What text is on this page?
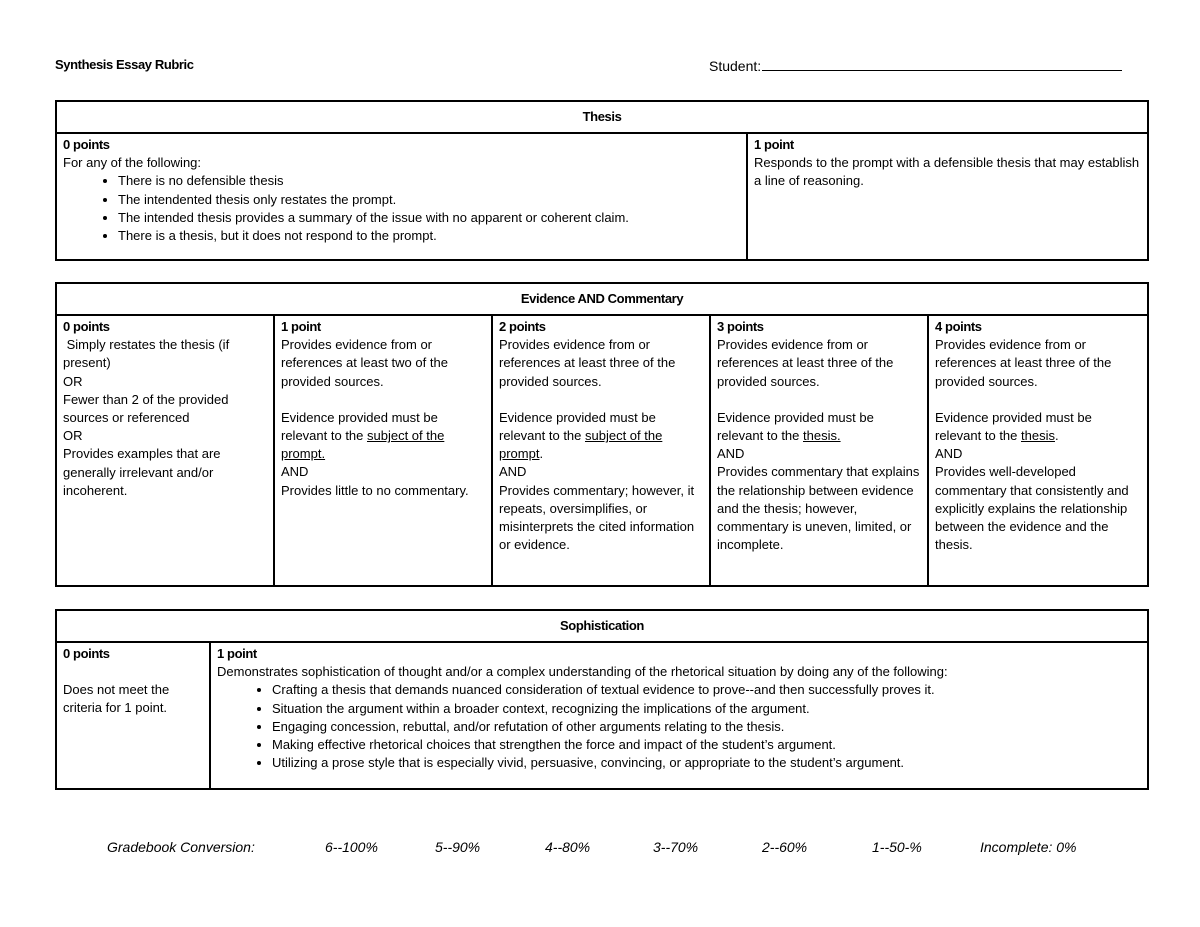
Synthesis Essay Rubric	Student:
Thesis

0 points
For any of the following:
• There is no defensible thesis
• The intendented thesis only restates the prompt.
• The intended thesis provides a summary of the issue with no apparent or coherent claim.
• There is a thesis, but it does not respond to the prompt.

1 point
Responds to the prompt with a defensible thesis that may establish a line of reasoning.
Evidence AND Commentary

0 points
Simply restates the thesis (if present)
OR
Fewer than 2 of the provided sources or referenced
OR
Provides examples that are generally irrelevant and/or incoherent.

1 point
Provides evidence from or references at least two of the provided sources.
Evidence provided must be relevant to the subject of the prompt.
AND
Provides little to no commentary.

2 points
Provides evidence from or references at least three of the provided sources.
Evidence provided must be relevant to the subject of the prompt.
AND
Provides commentary; however, it repeats, oversimplifies, or misinterprets the cited information or evidence.

3 points
Provides evidence from or references at least three of the provided sources.
Evidence provided must be relevant to the thesis.
AND
Provides commentary that explains the relationship between evidence and the thesis; however, commentary is uneven, limited, or incomplete.

4 points
Provides evidence from or references at least three of the provided sources.
Evidence provided must be relevant to the thesis.
AND
Provides well-developed commentary that consistently and explicitly explains the relationship between the evidence and the thesis.
Sophistication

0 points
Does not meet the criteria for 1 point.

1 point
Demonstrates sophistication of thought and/or a complex understanding of the rhetorical situation by doing any of the following:
• Crafting a thesis that demands nuanced consideration of textual evidence to prove--and then successfully proves it.
• Situation the argument within a broader context, recognizing the implications of the argument.
• Engaging concession, rebuttal, and/or refutation of other arguments relating to the thesis.
• Making effective rhetorical choices that strengthen the force and impact of the student’s argument.
• Utilizing a prose style that is especially vivid, persuasive, convincing, or appropriate to the student’s argument.
Gradebook Conversion:	6--100%	5--90%	4--80%	3--70%	2--60%	1--50-%	Incomplete: 0%
